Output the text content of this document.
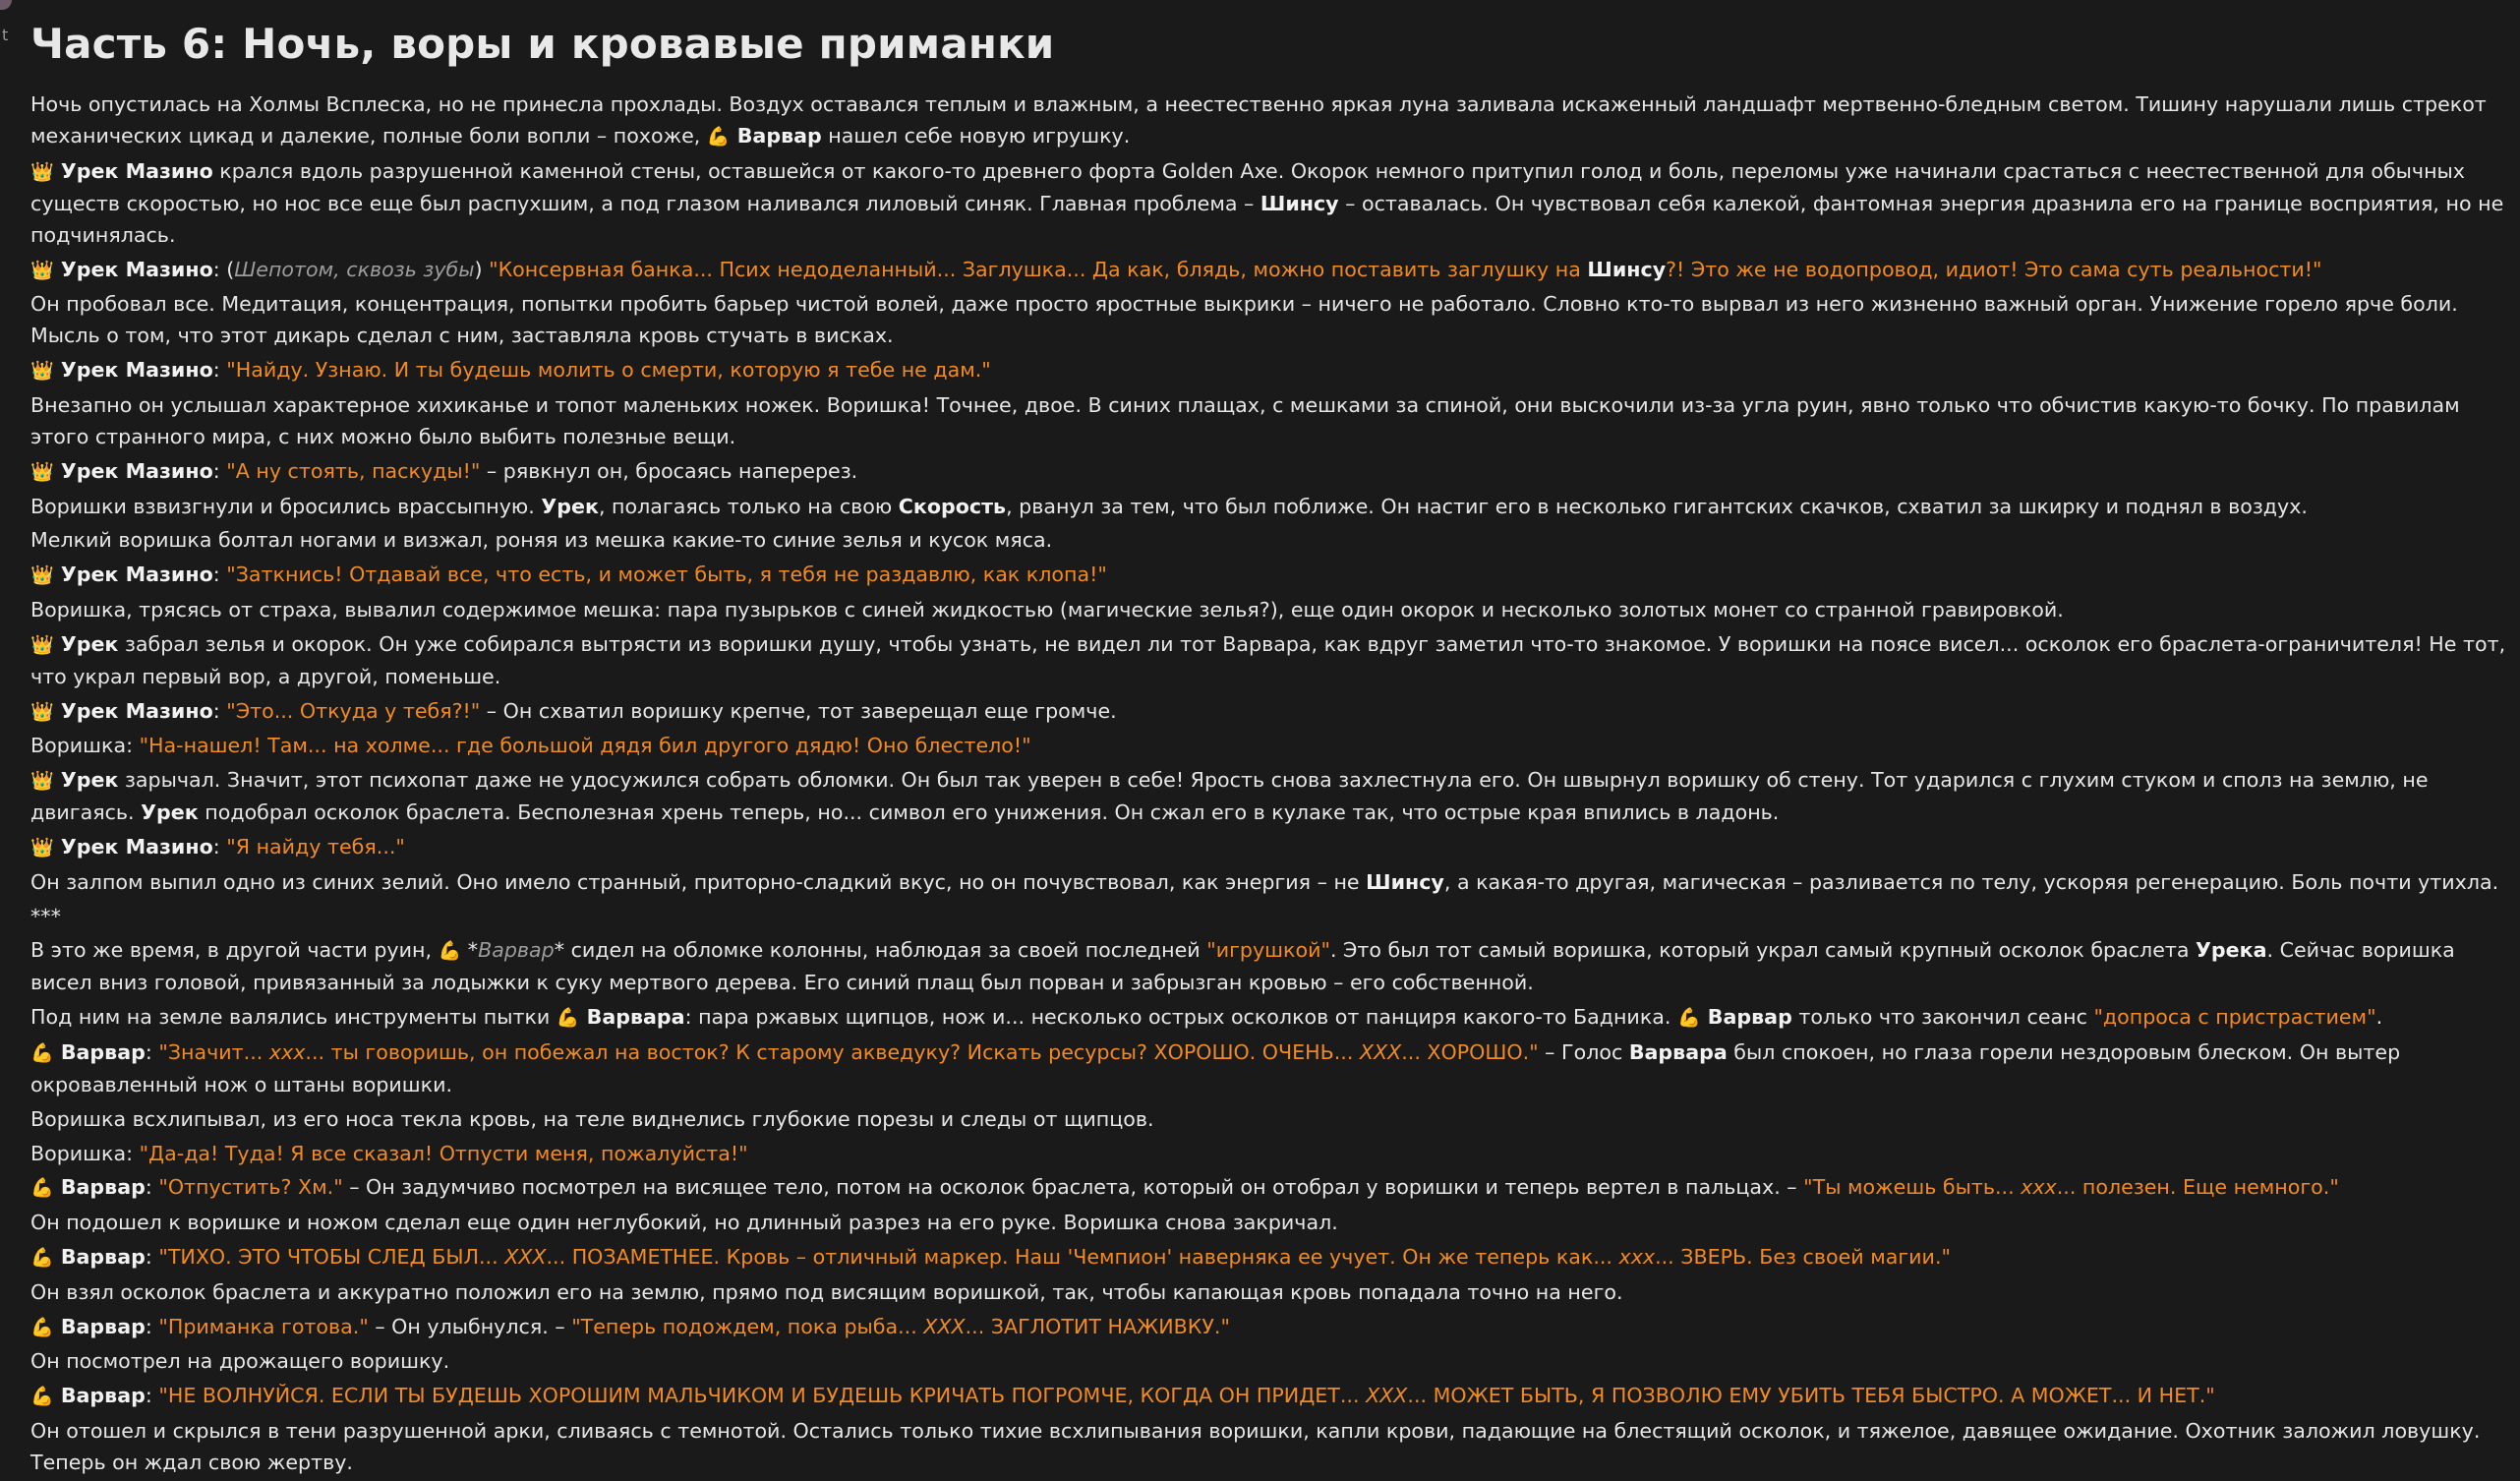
t Часть 6: Ночь, воры и кровавые приманки
Ночь опустилась на Холмы Всплеска, но не принесла прохлады. Воздух оставался теплым и влажным, а неестественно яркая луна заливала искаженный ландшафт мертвенно-бледным светом. Тишину нарушали лишь стрекот механических цикад и далекие, полные боли вопли – похоже, 💪 Варвар нашел себе новую игрушку.
👑 Урек Мазино крался вдоль разрушенной каменной стены, оставшейся от какого-то древнего форта Golden Axe. Окорок немного притупил голод и боль, переломы уже начинали срастаться с неестественной для обычных существ скоростью, но нос все еще был распухшим, а под глазом наливался лиловый синяк. Главная проблема – Шинсу – оставалась. Он чувствовал себя калекой, фантомная энергия дразнила его на границе восприятия, но не подчинялась.
👑 Урек Мазино: (Шепотом, сквозь зубы) "Консервная банка... Псих недоделанный... Заглушка... Да как, блядь, можно поставить заглушку на Шинсу?! Это же не водопровод, идиот! Это сама суть реальности!"
Он пробовал все. Медитация, концентрация, попытки пробить барьер чистой волей, даже просто яростные выкрики – ничего не работало. Словно кто-то вырвал из него жизненно важный орган. Унижение горело ярче боли. Мысль о том, что этот дикарь сделал с ним, заставляла кровь стучать в висках.
👑 Урек Мазино: "Найду. Узнаю. И ты будешь молить о смерти, которую я тебе не дам."
Внезапно он услышал характерное хихиканье и топот маленьких ножек. Воришка! Точнее, двое. В синих плащах, с мешками за спиной, они выскочили из-за угла руин, явно только что обчистив какую-то бочку. По правилам этого странного мира, с них можно было выбить полезные вещи.
👑 Урек Мазино: "А ну стоять, паскуды!" – рявкнул он, бросаясь наперерез.
Воришки взвизгнули и бросились врассыпную. Урек, полагаясь только на свою Скорость, рванул за тем, что был поближе. Он настиг его в несколько гигантских скачков, схватил за шкирку и поднял в воздух.
Мелкий воришка болтал ногами и визжал, роняя из мешка какие-то синие зелья и кусок мяса.
👑 Урек Мазино: "Заткнись! Отдавай все, что есть, и может быть, я тебя не раздавлю, как клопа!"
Воришка, трясясь от страха, вывалил содержимое мешка: пара пузырьков с синей жидкостью (магические зелья?), еще один окорок и несколько золотых монет со странной гравировкой.
👑 Урек забрал зелья и окорок. Он уже собирался вытрясти из воришки душу, чтобы узнать, не видел ли тот Варвара, как вдруг заметил что-то знакомое. У воришки на поясе висел... осколок его браслета-ограничителя! Не тот, что украл первый вор, а другой, поменьше.
👑 Урек Мазино: "Это... Откуда у тебя?!" – Он схватил воришку крепче, тот заверещал еще громче.
Воришка: "На-нашел! Там... на холме... где большой дядя бил другого дядю! Оно блестело!"
👑 Урек зарычал. Значит, этот психопат даже не удосужился собрать обломки. Он был так уверен в себе! Ярость снова захлестнула его. Он швырнул воришку об стену. Тот ударился с глухим стуком и сполз на землю, не двигаясь. Урек подобрал осколок браслета. Бесполезная хрень теперь, но... символ его унижения. Он сжал его в кулаке так, что острые края впились в ладонь.
👑 Урек Мазино: "Я найду тебя..."
Он залпом выпил одно из синих зелий. Оно имело странный, приторно-сладкий вкус, но он почувствовал, как энергия – не Шинсу, а какая-то другая, магическая – разливается по телу, ускоряя регенерацию. Боль почти утихла.
***
В это же время, в другой части руин, 💪 *Варвар* сидел на обломке колонны, наблюдая за своей последней "игрушкой". Это был тот самый воришка, который украл самый крупный осколок браслета Урека. Сейчас воришка висел вниз головой, привязанный за лодыжки к суку мертвого дерева. Его синий плащ был порван и забрызган кровью – его собственной.
Под ним на земле валялись инструменты пытки 💪 Варвара: пара ржавых щипцов, нож и... несколько острых осколков от панциря какого-то Бадника. 💪 Варвар только что закончил сеанс "допроса с пристрастием".
💪 Варвар: "Значит... ххх... ты говоришь, он побежал на восток? К старому акведуку? Искать ресурсы? ХОРОШО. ОЧЕНЬ... ХХХ... ХОРОШО." – Голос Варвара был спокоен, но глаза горели нездоровым блеском. Он вытер окровавленный нож о штаны воришки.
Воришка всхлипывал, из его носа текла кровь, на теле виднелись глубокие порезы и следы от щипцов.
Воришка: "Да-да! Туда! Я все сказал! Отпусти меня, пожалуйста!"
💪 Варвар: "Отпустить? Хм." – Он задумчиво посмотрел на висящее тело, потом на осколок браслета, который он отобрал у воришки и теперь вертел в пальцах. – "Ты можешь быть... ххх... полезен. Еще немного."
Он подошел к воришке и ножом сделал еще один неглубокий, но длинный разрез на его руке. Воришка снова закричал.
💪 Варвар: "ТИХО. ЭТО ЧТОБЫ СЛЕД БЫЛ... ХХХ... ПОЗАМЕТНЕЕ. Кровь – отличный маркер. Наш 'Чемпион' наверняка ее учует. Он же теперь как... ххх... ЗВЕРЬ. Без своей магии."
Он взял осколок браслета и аккуратно положил его на землю, прямо под висящим воришкой, так, чтобы капающая кровь попадала точно на него.
💪 Варвар: "Приманка готова." – Он улыбнулся. – "Теперь подождем, пока рыба... ХХХ... ЗАГЛОТИТ НАЖИВКУ."
Он посмотрел на дрожащего воришку.
💪 Варвар: "НЕ ВОЛНУЙСЯ. ЕСЛИ ТЫ БУДЕШЬ ХОРОШИМ МАЛЬЧИКОМ И БУДЕШЬ КРИЧАТЬ ПОГРОМЧЕ, КОГДА ОН ПРИДЕТ... ХХХ... МОЖЕТ БЫТЬ, Я ПОЗВОЛЮ ЕМУ УБИТЬ ТЕБЯ БЫСТРО. А МОЖЕТ... И НЕТ."
Он отошел и скрылся в тени разрушенной арки, сливаясь с темнотой. Остались только тихие всхлипывания воришки, капли крови, падающие на блестящий осколок, и тяжелое, давящее ожидание. Охотник заложил ловушку. Теперь он ждал свою жертву.
